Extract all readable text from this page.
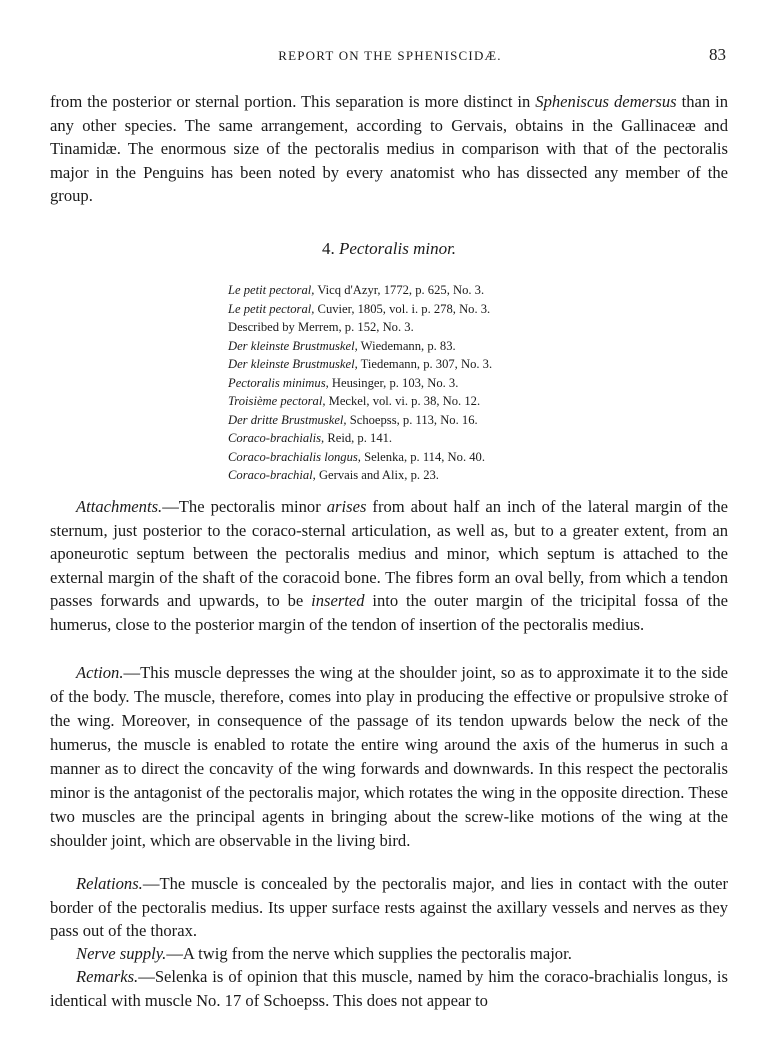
REPORT ON THE SPHENISCIDÆ.	83

from the posterior or sternal portion. This separation is more distinct in Spheniscus demersus than in any other species. The same arrangement, according to Gervais, obtains in the Gallinaceæ and Tinamidæ. The enormous size of the pectoralis medius in comparison with that of the pectoralis major in the Penguins has been noted by every anatomist who has dissected any member of the group.

4. Pectoralis minor.
Le petit pectoral, Vicq d'Azyr, 1772, p. 625, No. 3.
Le petit pectoral, Cuvier, 1805, vol. i. p. 278, No. 3.
Described by Merrem, p. 152, No. 3.
Der kleinste Brustmuskel, Wiedemann, p. 83.
Der kleinste Brustmuskel, Tiedemann, p. 307, No. 3.
Pectoralis minimus, Heusinger, p. 103, No. 3.
Troisième pectoral, Meckel, vol. vi. p. 38, No. 12.
Der dritte Brustmuskel, Schoepss, p. 113, No. 16.
Coraco-brachialis, Reid, p. 141.
Coraco-brachialis longus, Selenka, p. 114, No. 40.
Coraco-brachial, Gervais and Alix, p. 23.

Attachments.—The pectoralis minor arises from about half an inch of the lateral margin of the sternum, just posterior to the coraco-sternal articulation, as well as, but to a greater extent, from an aponeurotic septum between the pectoralis medius and minor, which septum is attached to the external margin of the shaft of the coracoid bone. The fibres form an oval belly, from which a tendon passes forwards and upwards, to be inserted into the outer margin of the tricipital fossa of the humerus, close to the posterior margin of the tendon of insertion of the pectoralis medius.

Action.—This muscle depresses the wing at the shoulder joint, so as to approximate it to the side of the body. The muscle, therefore, comes into play in producing the effective or propulsive stroke of the wing. Moreover, in consequence of the passage of its tendon upwards below the neck of the humerus, the muscle is enabled to rotate the entire wing around the axis of the humerus in such a manner as to direct the concavity of the wing forwards and downwards. In this respect the pectoralis minor is the antagonist of the pectoralis major, which rotates the wing in the opposite direction. These two muscles are the principal agents in bringing about the screw-like motions of the wing at the shoulder joint, which are observable in the living bird.

Relations.—The muscle is concealed by the pectoralis major, and lies in contact with the outer border of the pectoralis medius. Its upper surface rests against the axillary vessels and nerves as they pass out of the thorax.

Nerve supply.—A twig from the nerve which supplies the pectoralis major.

Remarks.—Selenka is of opinion that this muscle, named by him the coraco-brachialis longus, is identical with muscle No. 17 of Schoepss. This does not appear to
